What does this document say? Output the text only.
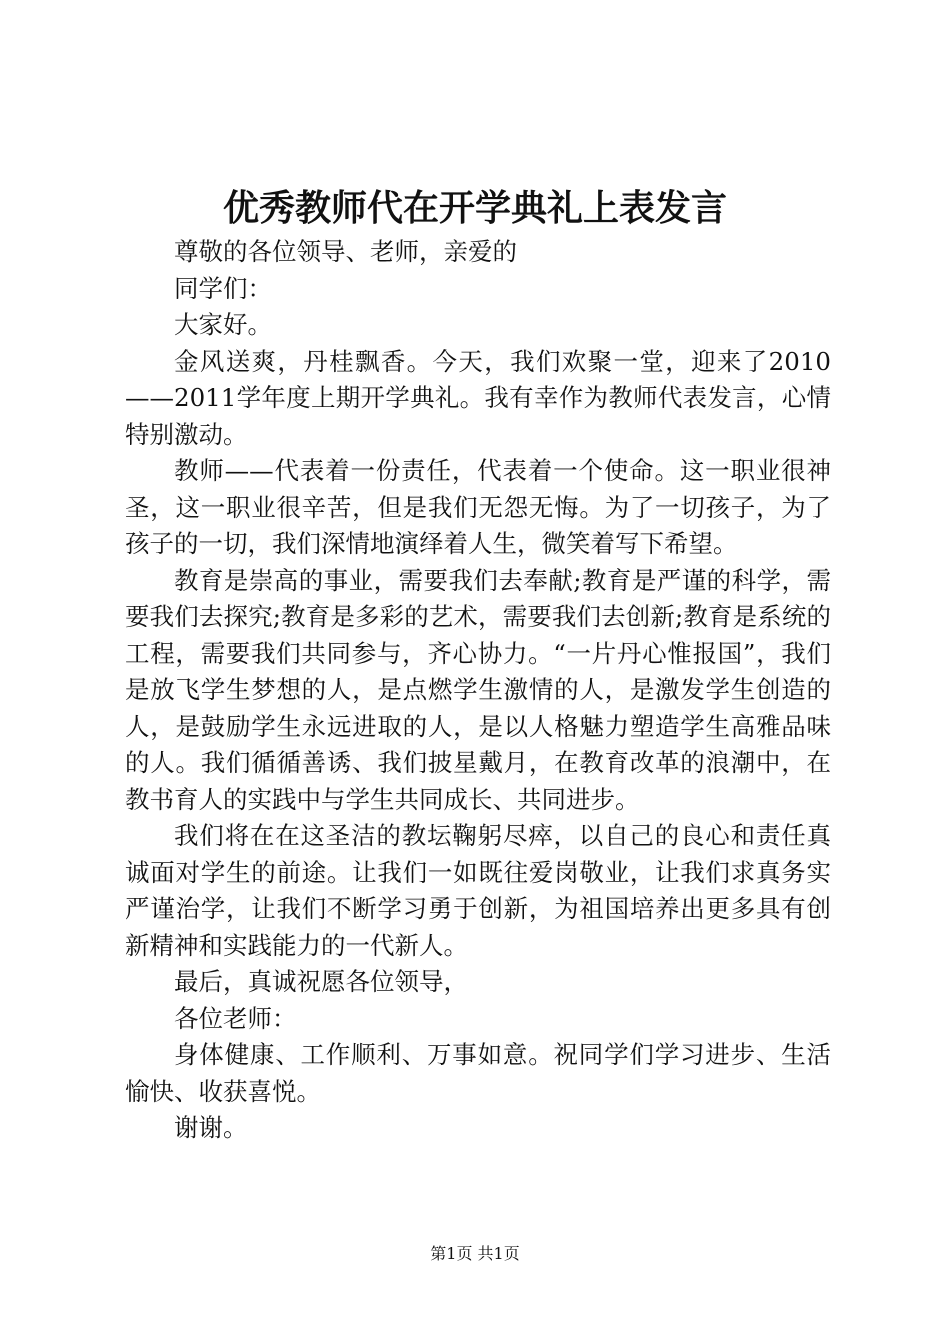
优秀教师代在开学典礼上表发言

尊敬的各位领导、老师，亲爱的

同学们：

大家好。

金风送爽，丹桂飘香。今天，我们欢聚一堂，迎来了2010——2011学年度上期开学典礼。我有幸作为教师代表发言，心情特别激动。

教师——代表着一份责任，代表着一个使命。这一职业很神圣，这一职业很辛苦，但是我们无怨无悔。为了一切孩子，为了孩子的一切，我们深情地演绎着人生，微笑着写下希望。

教育是崇高的事业，需要我们去奉献;教育是严谨的科学，需要我们去探究;教育是多彩的艺术，需要我们去创新;教育是系统的工程，需要我们共同参与，齐心协力。“一片丹心惟报国”，我们是放飞学生梦想的人，是点燃学生激情的人，是激发学生创造的人，是鼓励学生永远进取的人，是以人格魅力塑造学生高雅品味的人。我们循循善诱、我们披星戴月，在教育改革的浪潮中，在教书育人的实践中与学生共同成长、共同进步。

我们将在在这圣洁的教坛鞠躬尽瘁，以自己的良心和责任真诚面对学生的前途。让我们一如既往爱岗敬业，让我们求真务实严谨治学，让我们不断学习勇于创新，为祖国培养出更多具有创新精神和实践能力的一代新人。

最后，真诚祝愿各位领导，

各位老师：

身体健康、工作顺利、万事如意。祝同学们学习进步、生活愉快、收获喜悦。

谢谢。

第1页 共1页
